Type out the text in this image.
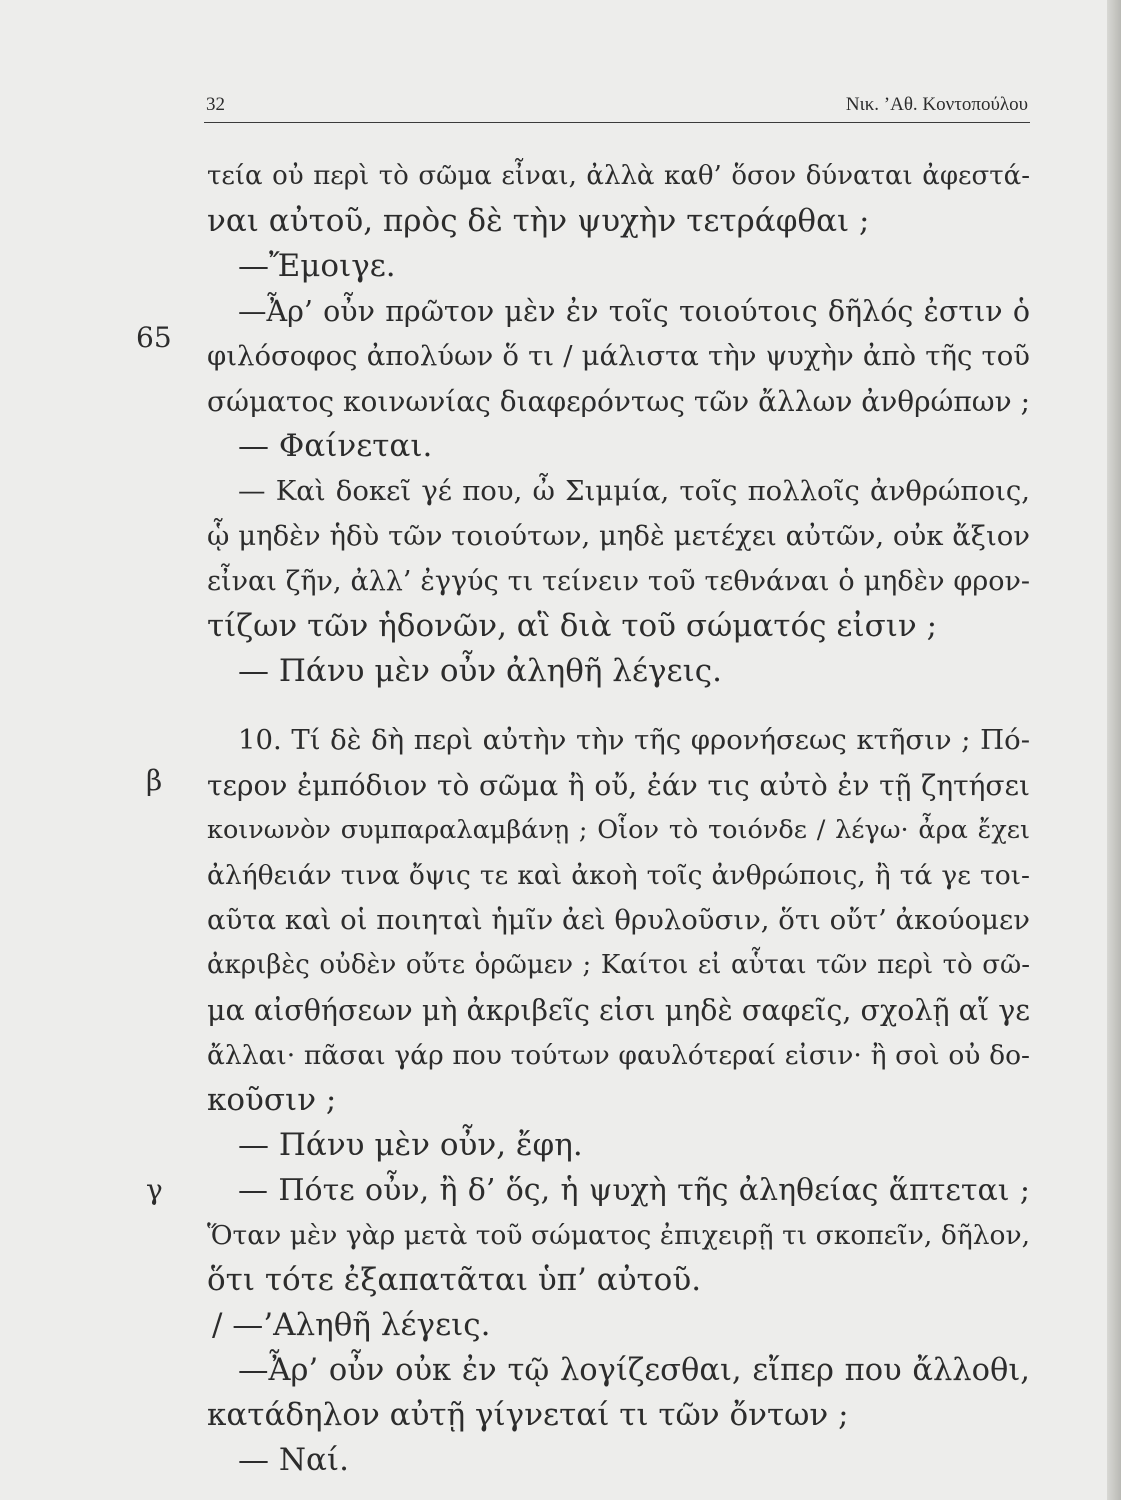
32	Νικ. ’Αθ. Κοντοπούλου
65
β
γ
τεία οὐ περὶ τὸ σῶμα εἶναι, ἀλλὰ καθ’ ὅσον δύναται ἀφεστά-
ναι αὐτοῦ, πρὸς δὲ τὴν ψυχὴν τετράφθαι ;
—Ἔμοιγε.
—Ἆρ’ οὖν πρῶτον μὲν ἐν τοῖς τοιούτοις δῆλός ἐστιν ὁ
φιλόσοφος ἀπολύων ὅ τι / μάλιστα τὴν ψυχὴν ἀπὸ τῆς τοῦ
σώματος κοινωνίας διαφερόντως τῶν ἄλλων ἀνθρώπων ;
— Φαίνεται.
— Καὶ δοκεῖ γέ που, ὦ Σιμμία, τοῖς πολλοῖς ἀνθρώποις,
ᾧ μηδὲν ἡδὺ τῶν τοιούτων, μηδὲ μετέχει αὐτῶν, οὐκ ἄξιον
εἶναι ζῆν, ἀλλ’ ἐγγύς τι τείνειν τοῦ τεθνάναι ὁ μηδὲν φρον-
τίζων τῶν ἡδονῶν, αἳ διὰ τοῦ σώματός εἰσιν ;
— Πάνυ μὲν οὖν ἀληθῆ λέγεις.
10. Τί δὲ δὴ περὶ αὐτὴν τὴν τῆς φρονήσεως κτῆσιν ; Πό-
τερον ἐμπόδιον τὸ σῶμα ἢ οὔ, ἐάν τις αὐτὸ ἐν τῇ ζητήσει
κοινωνὸν συμπαραλαμβάνῃ ; Οἷον τὸ τοιόνδε / λέγω· ἆρα ἔχει
ἀλήθειάν τινα ὄψις τε καὶ ἀκοὴ τοῖς ἀνθρώποις, ἢ τά γε τοι-
αῦτα καὶ οἱ ποιηταὶ ἡμῖν ἀεὶ θρυλοῦσιν, ὅτι οὔτ’ ἀκούομεν
ἀκριβὲς οὐδὲν οὔτε ὁρῶμεν ; Καίτοι εἰ αὗται τῶν περὶ τὸ σῶ-
μα αἰσθήσεων μὴ ἀκριβεῖς εἰσι μηδὲ σαφεῖς, σχολῇ αἵ γε
ἄλλαι· πᾶσαι γάρ που τούτων φαυλότεραί εἰσιν· ἢ σοὶ οὐ δο-
κοῦσιν ;
— Πάνυ μὲν οὖν, ἔφη.
— Πότε οὖν, ἢ δ’ ὅς, ἡ ψυχὴ τῆς ἀληθείας ἅπτεται ;
Ὅταν μὲν γὰρ μετὰ τοῦ σώματος ἐπιχειρῇ τι σκοπεῖν, δῆλον,
ὅτι τότε ἐξαπατᾶται ὑπ’ αὐτοῦ.
/ —’Αληθῆ λέγεις.
—Ἆρ’ οὖν οὐκ ἐν τῷ λογίζεσθαι, εἴπερ που ἄλλοθι,
κατάδηλον αὐτῇ γίγνεταί τι τῶν ὄντων ;
— Ναί.
